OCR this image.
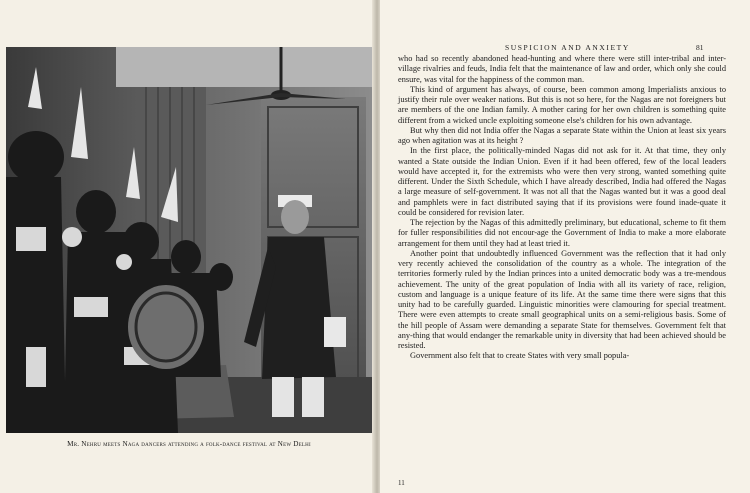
Mr. Nehru meets Naga dancers attending a folk-dance festival at New Delhi
SUSPICION AND ANXIETY	81

who had so recently abandoned head-hunting and where there were still inter-tribal and inter-village rivalries and feuds, India felt that the maintenance of law and order, which only she could ensure, was vital for the happiness of the common man.

This kind of argument has always, of course, been common among Imperialists anxious to justify their rule over weaker nations. But this is not so here, for the Nagas are not foreigners but are members of the one Indian family. A mother caring for her own children is something quite different from a wicked uncle exploiting someone else's children for his own advantage.

But why then did not India offer the Nagas a separate State within the Union at least six years ago when agitation was at its height ?

In the first place, the politically-minded Nagas did not ask for it. At that time, they only wanted a State outside the Indian Union. Even if it had been offered, few of the local leaders would have accepted it, for the extremists who were then very strong, wanted something quite different. Under the Sixth Schedule, which I have already described, India had offered the Nagas a large measure of self-government. It was not all that the Nagas wanted but it was a good deal and pamphlets were in fact distributed saying that if its provisions were found inade-quate it could be considered for revision later.

The rejection by the Nagas of this admittedly preliminary, but educational, scheme to fit them for fuller responsibilities did not encour-age the Government of India to make a more elaborate arrangement for them until they had at least tried it.

Another point that undoubtedly influenced Government was the reflection that it had only very recently achieved the consolidation of the country as a whole. The integration of the territories formerly ruled by the Indian princes into a united democratic body was a tre-mendous achievement. The unity of the great population of India with all its variety of race, religion, custom and language is a unique feature of its life. At the same time there were signs that this unity had to be carefully guarded. Linguistic minorities were clamouring for special treatment. There were even attempts to create small geographical units on a semi-religious basis. Some of the hill people of Assam were demanding a separate State for themselves. Government felt that any-thing that would endanger the remarkable unity in diversity that had been achieved should be resisted.

Government also felt that to create States with very small popula-

11
